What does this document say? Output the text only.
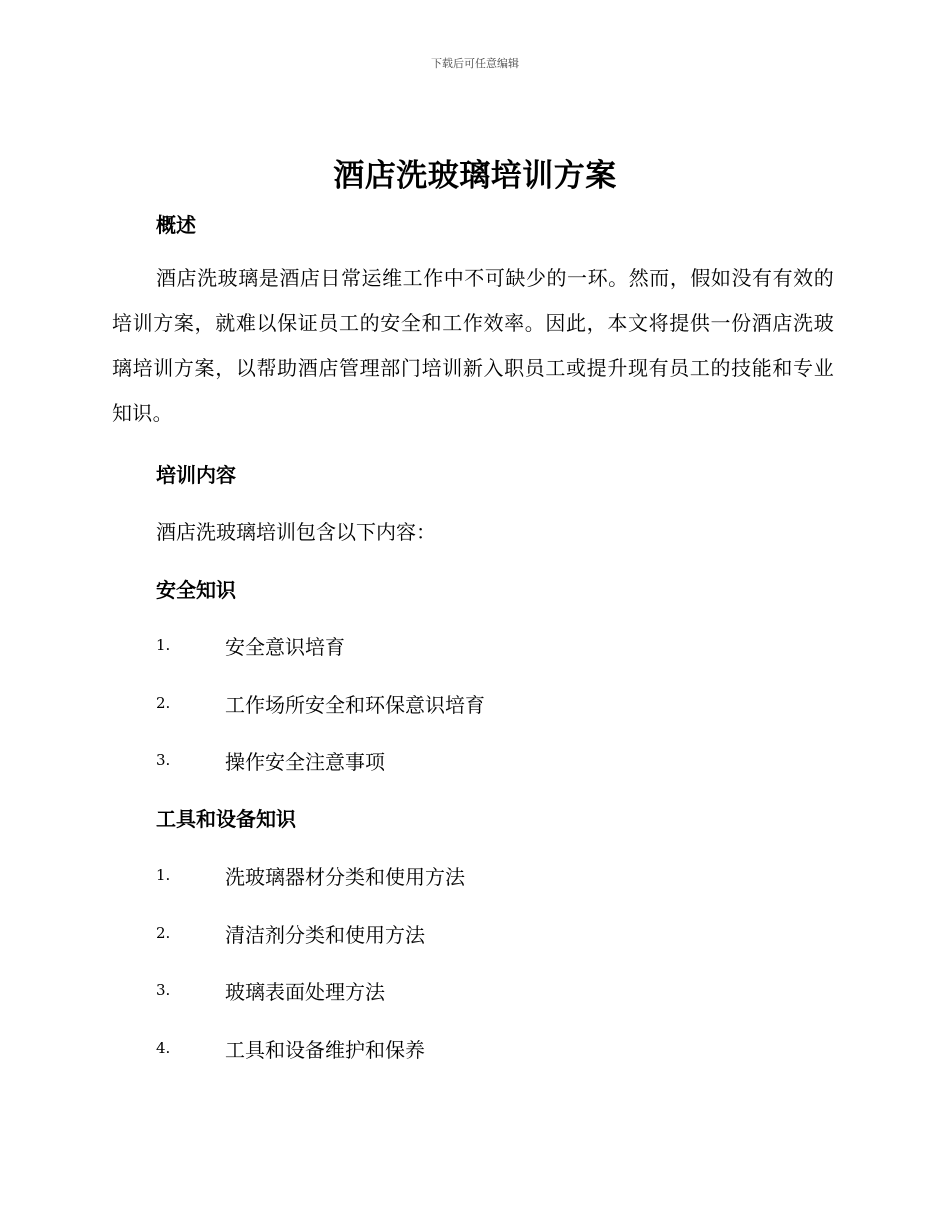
下载后可任意编辑
酒店洗玻璃培训方案
概述
酒店洗玻璃是酒店日常运维工作中不可缺少的一环。然而，假如没有有效的培训方案，就难以保证员工的安全和工作效率。因此，本文将提供一份酒店洗玻璃培训方案，以帮助酒店管理部门培训新入职员工或提升现有员工的技能和专业知识。
培训内容
酒店洗玻璃培训包含以下内容：
安全知识
1.	安全意识培育
2.	工作场所安全和环保意识培育
3.	操作安全注意事项
工具和设备知识
1.	洗玻璃器材分类和使用方法
2.	清洁剂分类和使用方法
3.	玻璃表面处理方法
4.	工具和设备维护和保养
